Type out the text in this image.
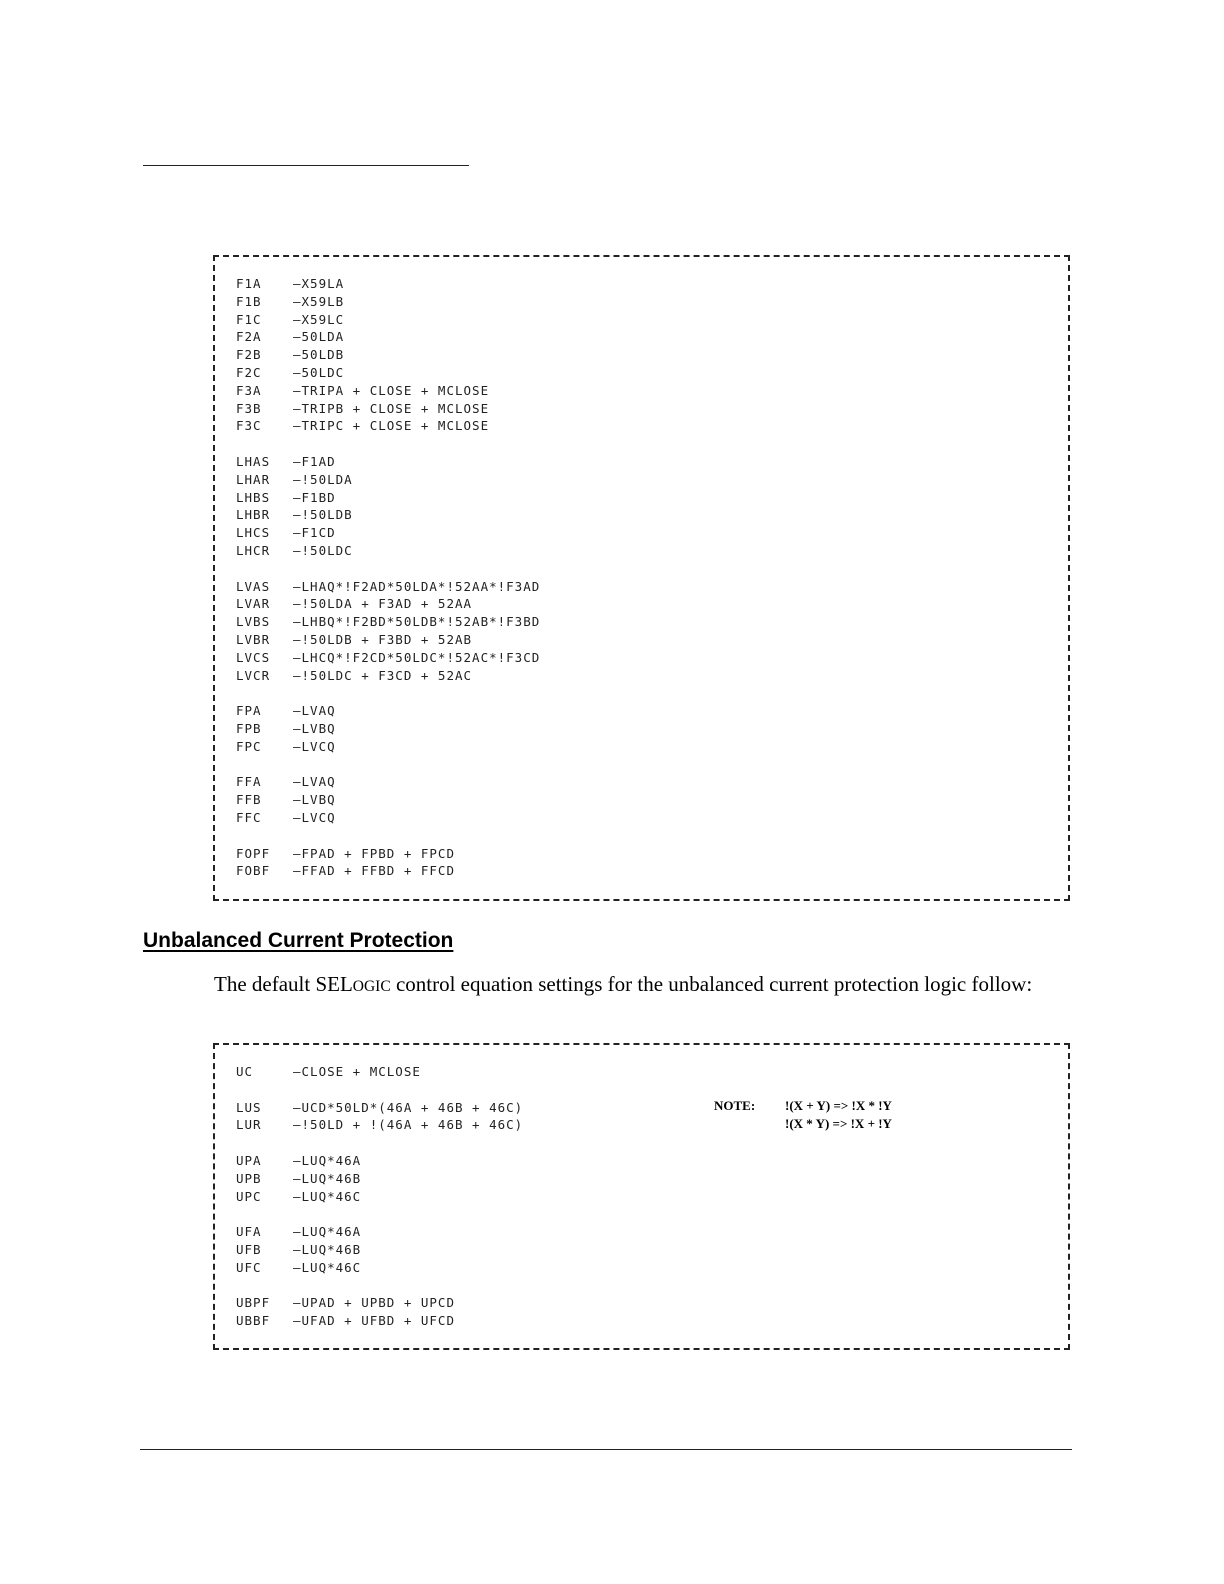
F1A	–X59LA
F1B	–X59LB
F1C	–X59LC
F2A	–50LDA
F2B	–50LDB
F2C	–50LDC
F3A	–TRIPA + CLOSE + MCLOSE
F3B	–TRIPB + CLOSE + MCLOSE
F3C	–TRIPC + CLOSE + MCLOSE
LHAS –F1AD
LHAR –!50LDA
LHBS –F1BD
LHBR –!50LDB
LHCS –F1CD
LHCR –!50LDC
LVAS –LHAQ*!F2AD*50LDA*!52AA*!F3AD
LVAR –!50LDA + F3AD + 52AA
LVBS –LHBQ*!F2BD*50LDB*!52AB*!F3BD
LVBR –!50LDB + F3BD + 52AB
LVCS –LHCQ*!F2CD*50LDC*!52AC*!F3CD
LVCR –!50LDC + F3CD + 52AC
FPA	–LVAQ
FPB	–LVBQ
FPC	–LVCQ
FFA	–LVAQ
FFB	–LVBQ
FFC	–LVCQ
FOPF –FPAD + FPBD + FPCD
FOBF –FFAD + FFBD + FFCD
Unbalanced Current Protection

The default SELOGIC control equation settings for the unbalanced current protection logic follow:

UC	–CLOSE + MCLOSE
LUS	–UCD*50LD*(46A + 46B + 46C)
LUR	–!50LD + !(46A + 46B + 46C)
UPA	–LUQ*46A
UPB	–LUQ*46B
UPC	–LUQ*46C
UFA	–LUQ*46A
UFB	–LUQ*46B
UFC	–LUQ*46C
UBPF –UPAD + UPBD + UPCD
UBBF –UFAD + UFBD + UFCD
NOTE: !(X + Y) => !X * !Y
!(X * Y) => !X + !Y
